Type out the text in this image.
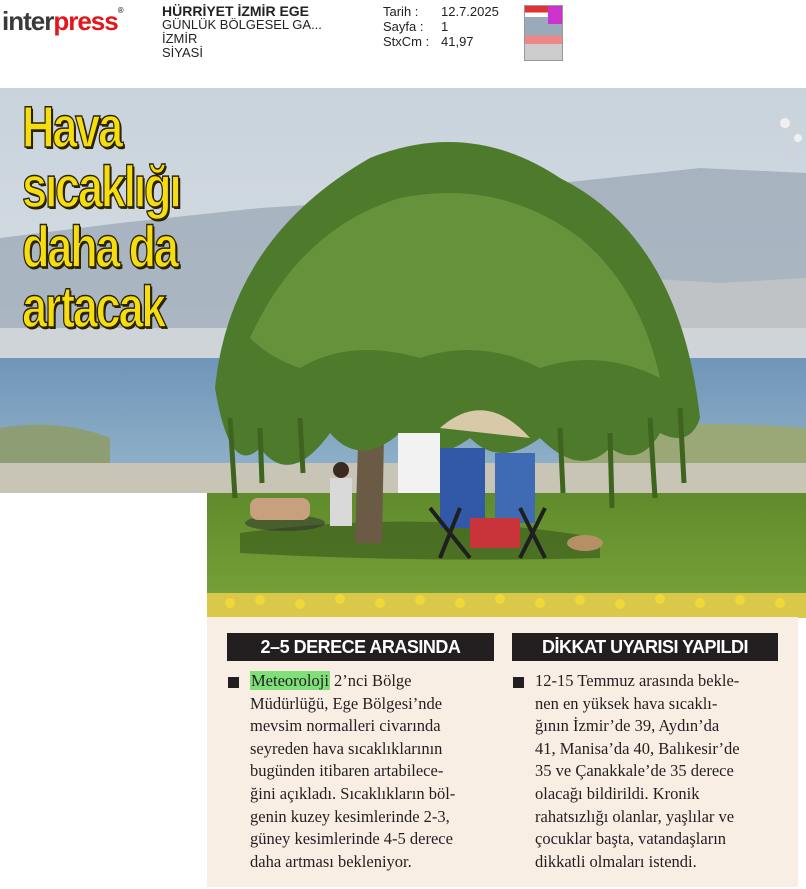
interpress®	HÜRRİYET İZMİR EGE
GÜNLÜK BÖLGESEL GA...
İZMİR
SİYASİ
Tarih :	12.7.2025
Sayfa :	1
StxCm : 41,97
Hava
sıcaklığı
daha da
artacak
2–5 DERECE ARASINDA	DİKKAT UYARISI YAPILDI
Meteoroloji 2’nci Bölge
Müdürlüğü, Ege Bölgesi’nde
mevsim normalleri civarında
seyreden hava sıcaklıklarının
bugünden itibaren artabilece-
ğini açıkladı. Sıcaklıkların böl-
genin kuzey kesimlerinde 2-3,
güney kesimlerinde 4-5 derece
daha artması bekleniyor.
12-15 Temmuz arasında bekle-
nen en yüksek hava sıcaklı-
ğının İzmir’de 39, Aydın’da
41, Manisa’da 40, Balıkesir’de
35 ve Çanakkale’de 35 derece
olacağı bildirildi. Kronik
rahatsızlığı olanlar, yaşlılar ve
çocuklar başta, vatandaşların
dikkatli olmaları istendi.
